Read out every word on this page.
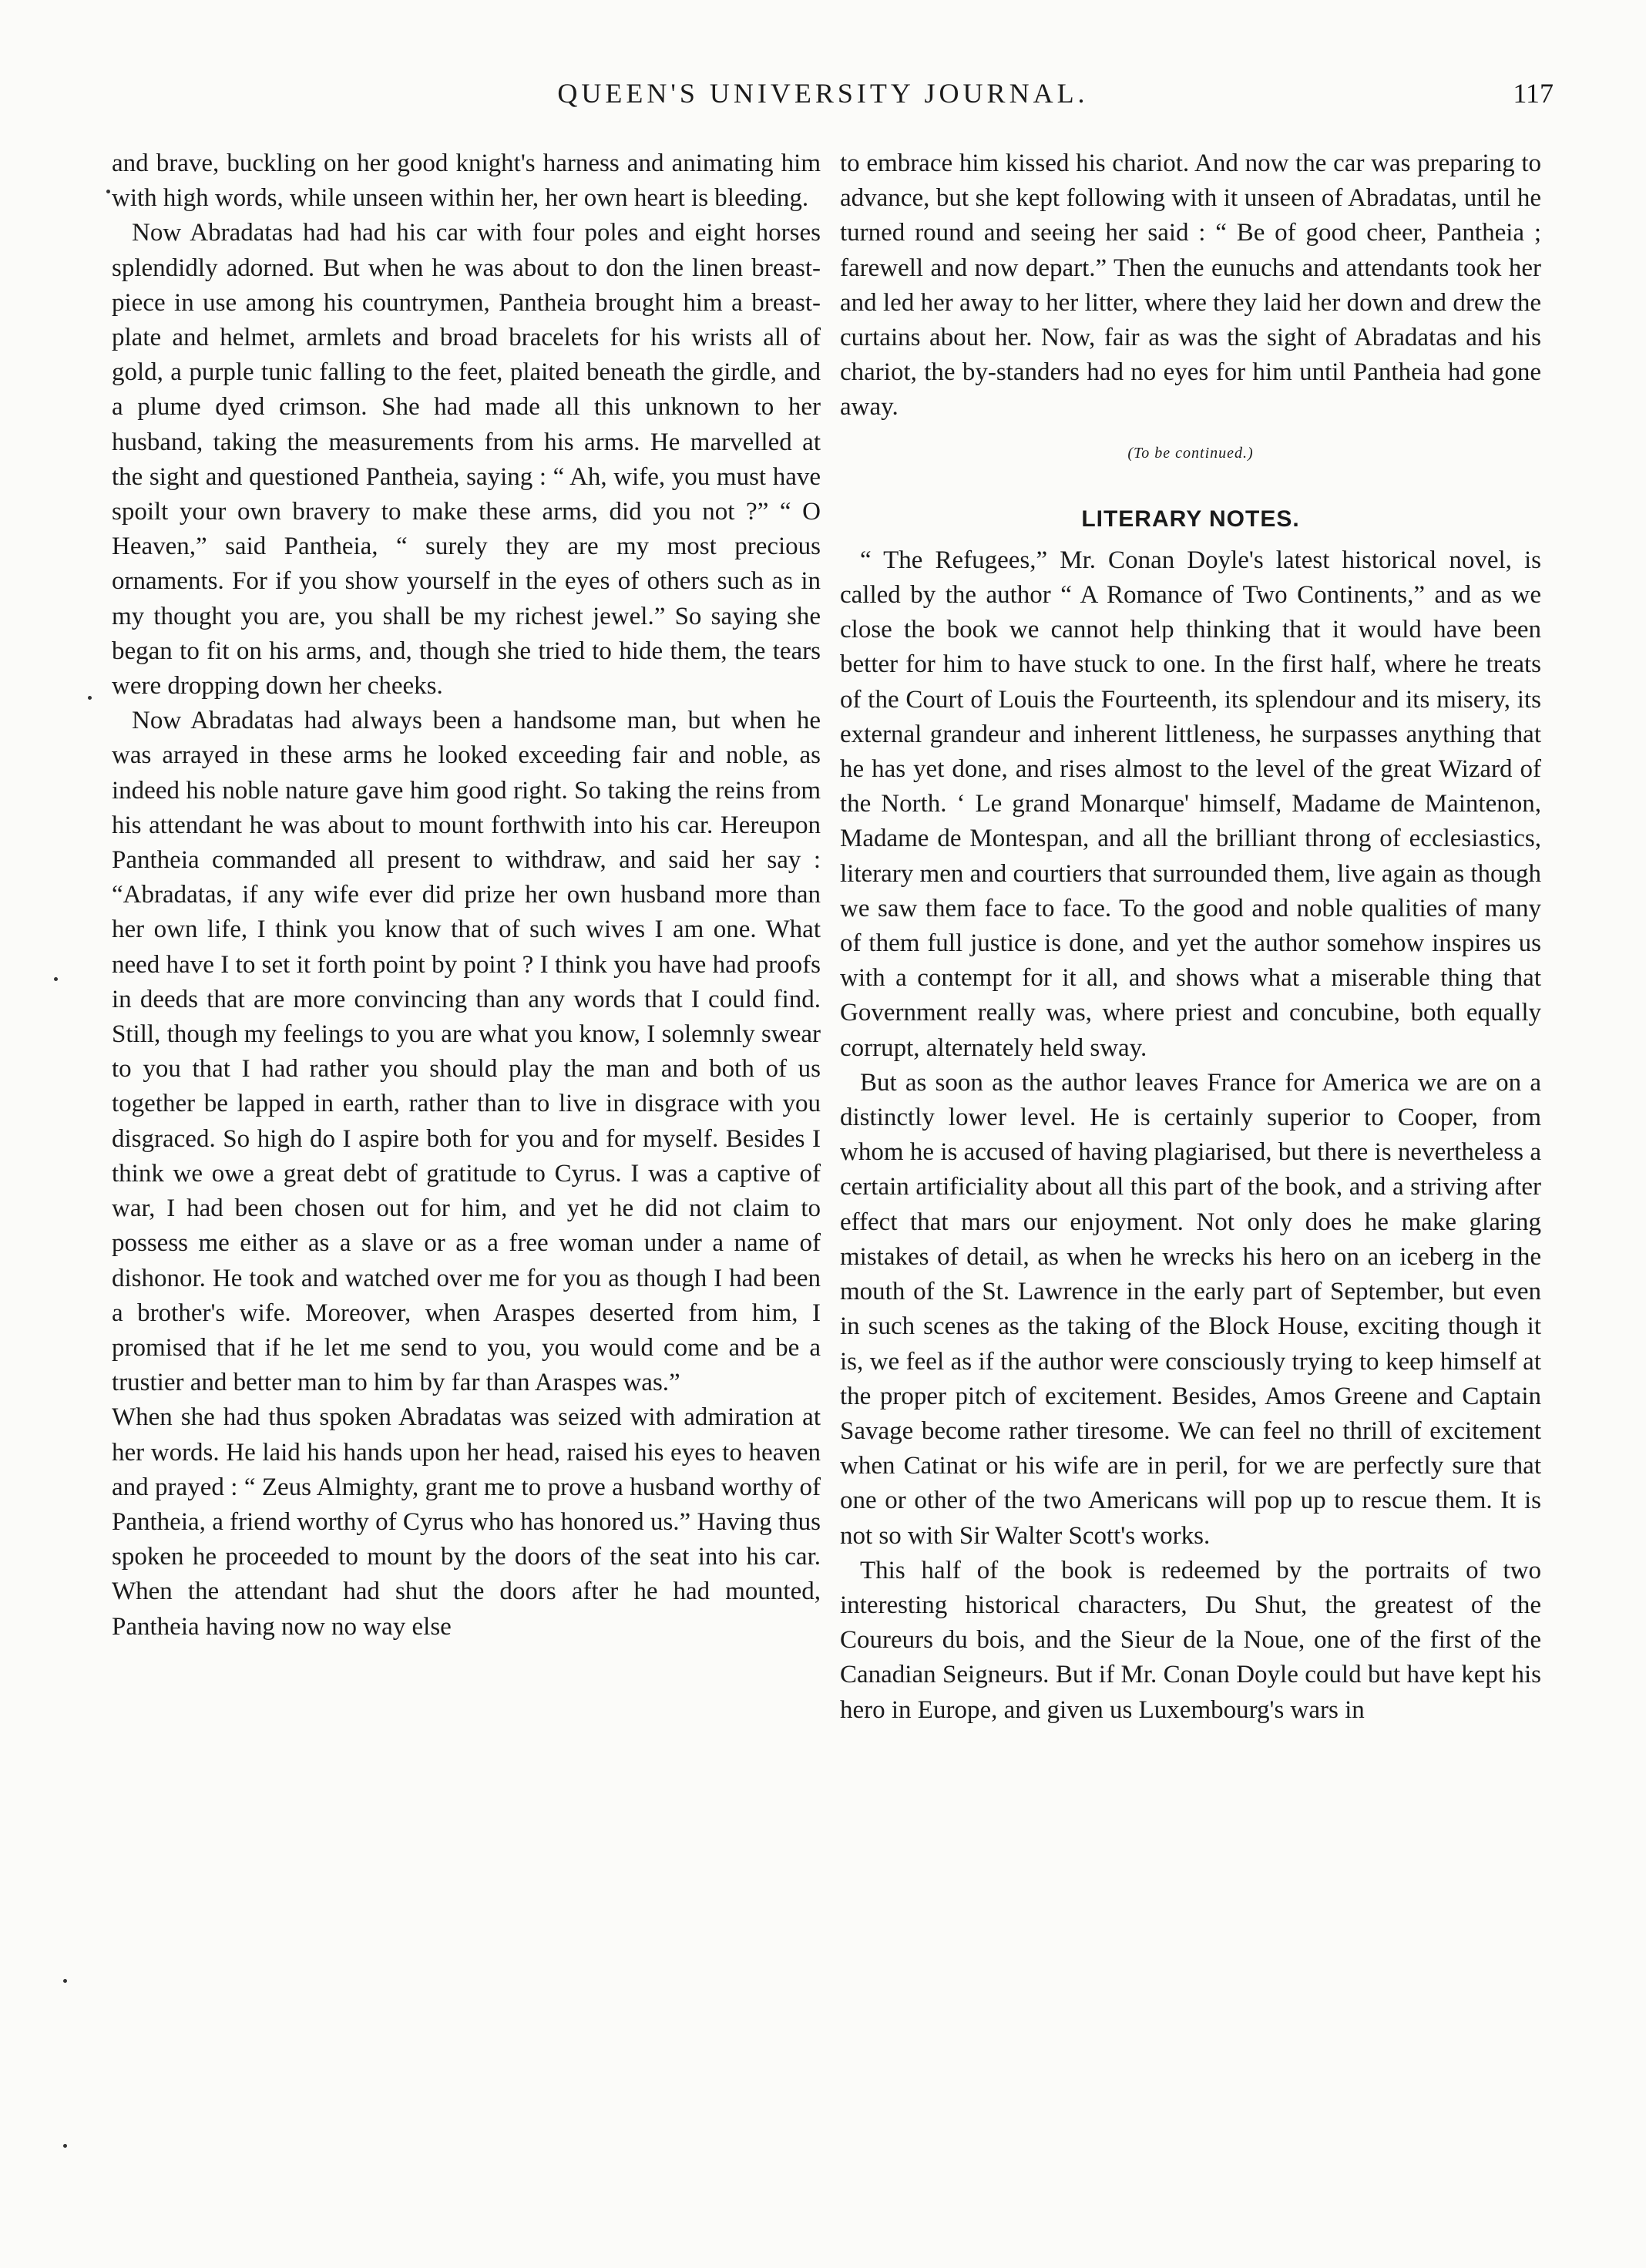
QUEEN'S UNIVERSITY JOURNAL.	117

and brave, buckling on her good knight's harness and animating him with high words, while unseen within her, her own heart is bleeding.

Now Abradatas had had his car with four poles and eight horses splendidly adorned. But when he was about to don the linen breast-piece in use among his countrymen, Pantheia brought him a breast-plate and helmet, armlets and broad bracelets for his wrists all of gold, a purple tunic falling to the feet, plaited beneath the girdle, and a plume dyed crimson. She had made all this unknown to her husband, taking the measurements from his arms. He marvelled at the sight and questioned Pantheia, saying : “ Ah, wife, you must have spoilt your own bravery to make these arms, did you not ?” “ O Heaven,” said Pantheia, “ surely they are my most precious ornaments. For if you show yourself in the eyes of others such as in my thought you are, you shall be my richest jewel.” So saying she began to fit on his arms, and, though she tried to hide them, the tears were dropping down her cheeks.

Now Abradatas had always been a handsome man, but when he was arrayed in these arms he looked exceeding fair and noble, as indeed his noble nature gave him good right. So taking the reins from his attendant he was about to mount forthwith into his car. Hereupon Pantheia commanded all present to withdraw, and said her say : “Abradatas, if any wife ever did prize her own husband more than her own life, I think you know that of such wives I am one. What need have I to set it forth point by point ? I think you have had proofs in deeds that are more convincing than any words that I could find. Still, though my feelings to you are what you know, I solemnly swear to you that I had rather you should play the man and both of us together be lapped in earth, rather than to live in disgrace with you disgraced. So high do I aspire both for you and for myself. Besides I think we owe a great debt of gratitude to Cyrus. I was a captive of war, I had been chosen out for him, and yet he did not claim to possess me either as a slave or as a free woman under a name of dishonor. He took and watched over me for you as though I had been a brother's wife. Moreover, when Araspes deserted from him, I promised that if he let me send to you, you would come and be a trustier and better man to him by far than Araspes was.”

When she had thus spoken Abradatas was seized with admiration at her words. He laid his hands upon her head, raised his eyes to heaven and prayed : “ Zeus Almighty, grant me to prove a husband worthy of Pantheia, a friend worthy of Cyrus who has honored us.” Having thus spoken he proceeded to mount by the doors of the seat into his car. When the attendant had shut the doors after he had mounted, Pantheia having now no way else

to embrace him kissed his chariot. And now the car was preparing to advance, but she kept following with it unseen of Abradatas, until he turned round and seeing her said : “ Be of good cheer, Pantheia ; farewell and now depart.” Then the eunuchs and attendants took her and led her away to her litter, where they laid her down and drew the curtains about her. Now, fair as was the sight of Abradatas and his chariot, the by-standers had no eyes for him until Pantheia had gone away.

(To be continued.)
LITERARY NOTES.

“ The Refugees,” Mr. Conan Doyle's latest historical novel, is called by the author “ A Romance of Two Continents,” and as we close the book we cannot help thinking that it would have been better for him to have stuck to one. In the first half, where he treats of the Court of Louis the Fourteenth, its splendour and its misery, its external grandeur and inherent littleness, he surpasses anything that he has yet done, and rises almost to the level of the great Wizard of the North. ‘ Le grand Monarque' himself, Madame de Maintenon, Madame de Montespan, and all the brilliant throng of ecclesiastics, literary men and courtiers that surrounded them, live again as though we saw them face to face. To the good and noble qualities of many of them full justice is done, and yet the author somehow inspires us with a contempt for it all, and shows what a miserable thing that Government really was, where priest and concubine, both equally corrupt, alternately held sway.

But as soon as the author leaves France for America we are on a distinctly lower level. He is certainly superior to Cooper, from whom he is accused of having plagiarised, but there is nevertheless a certain artificiality about all this part of the book, and a striving after effect that mars our enjoyment. Not only does he make glaring mistakes of detail, as when he wrecks his hero on an iceberg in the mouth of the St. Lawrence in the early part of September, but even in such scenes as the taking of the Block House, exciting though it is, we feel as if the author were consciously trying to keep himself at the proper pitch of excitement. Besides, Amos Greene and Captain Savage become rather tiresome. We can feel no thrill of excitement when Catinat or his wife are in peril, for we are perfectly sure that one or other of the two Americans will pop up to rescue them. It is not so with Sir Walter Scott's works.

This half of the book is redeemed by the portraits of two interesting historical characters, Du Shut, the greatest of the Coureurs du bois, and the Sieur de la Noue, one of the first of the Canadian Seigneurs. But if Mr. Conan Doyle could but have kept his hero in Europe, and given us Luxembourg's wars in
